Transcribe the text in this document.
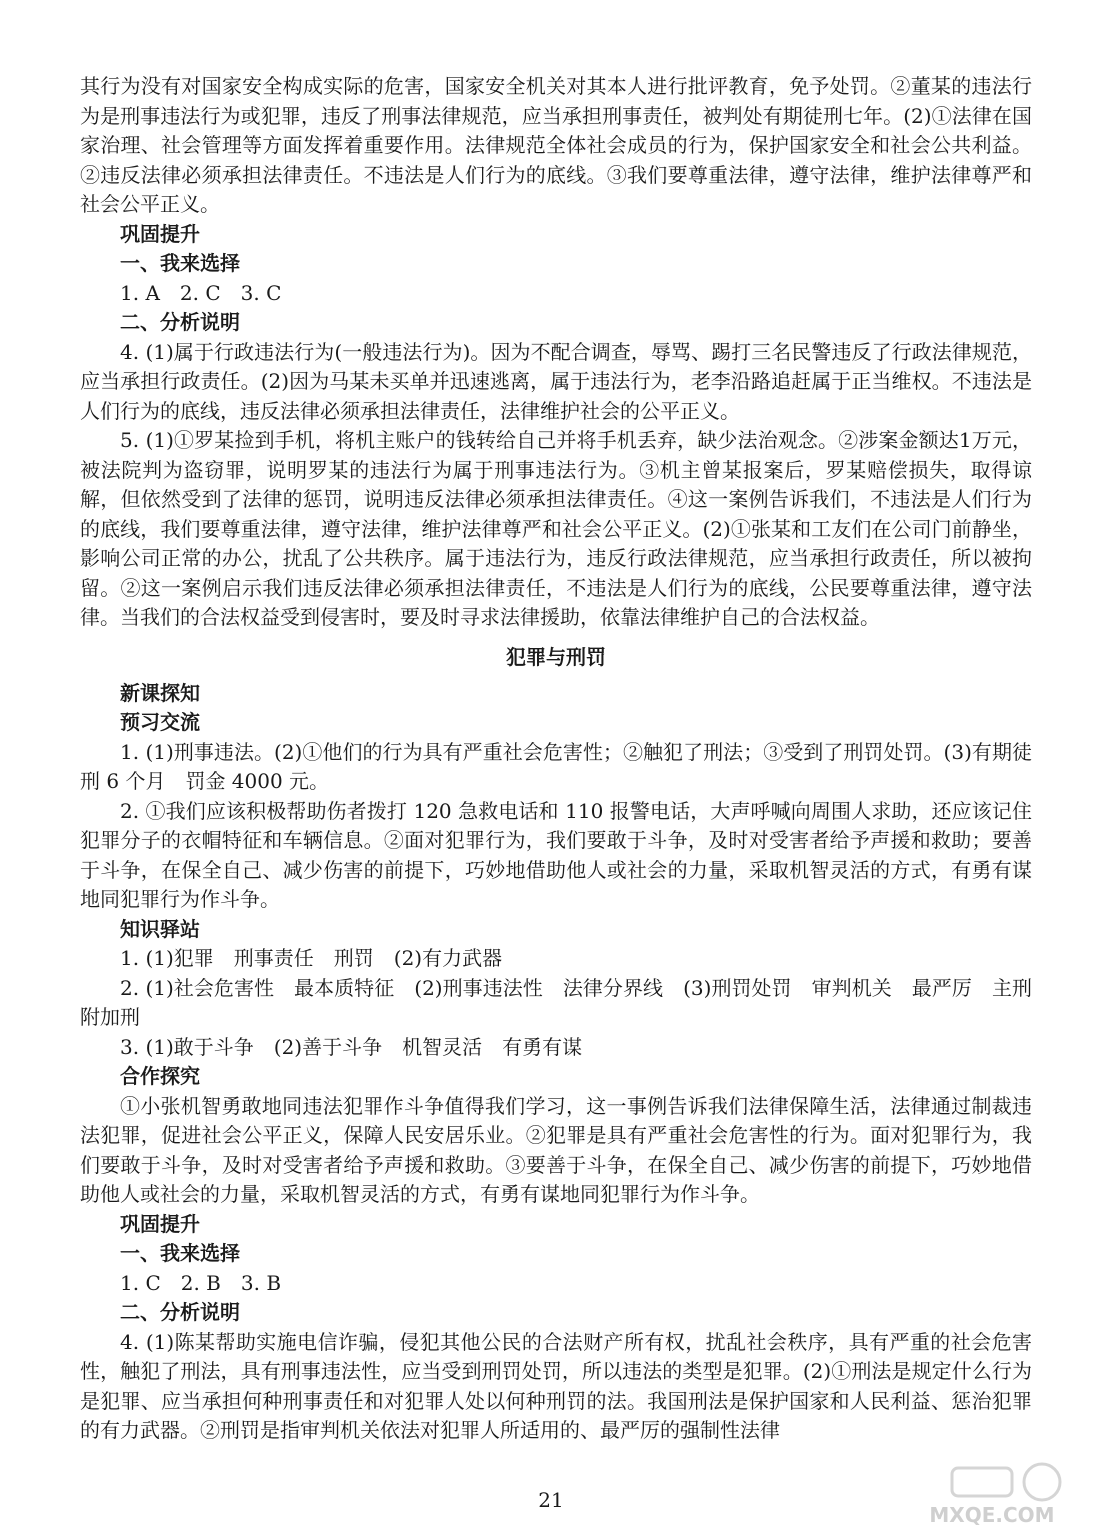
其行为没有对国家安全构成实际的危害，国家安全机关对其本人进行批评教育，免予处罚。②董某的违法行为是刑事违法行为或犯罪，违反了刑事法律规范，应当承担刑事责任，被判处有期徒刑七年。(2)①法律在国家治理、社会管理等方面发挥着重要作用。法律规范全体社会成员的行为，保护国家安全和社会公共利益。②违反法律必须承担法律责任。不违法是人们行为的底线。③我们要尊重法律，遵守法律，维护法律尊严和社会公平正义。

巩固提升
一、我来选择

1. A　2. C　3. C

二、分析说明

4. (1)属于行政违法行为(一般违法行为)。因为不配合调查，辱骂、踢打三名民警违反了行政法律规范，应当承担行政责任。(2)因为马某未买单并迅速逃离，属于违法行为，老李沿路追赶属于正当维权。不违法是人们行为的底线，违反法律必须承担法律责任，法律维护社会的公平正义。

5. (1)①罗某捡到手机，将机主账户的钱转给自己并将手机丢弃，缺少法治观念。②涉案金额达1万元，被法院判为盗窃罪，说明罗某的违法行为属于刑事违法行为。③机主曾某报案后，罗某赔偿损失，取得谅解，但依然受到了法律的惩罚，说明违反法律必须承担法律责任。④这一案例告诉我们，不违法是人们行为的底线，我们要尊重法律，遵守法律，维护法律尊严和社会公平正义。(2)①张某和工友们在公司门前静坐，影响公司正常的办公，扰乱了公共秩序。属于违法行为，违反行政法律规范，应当承担行政责任，所以被拘留。②这一案例启示我们违反法律必须承担法律责任，不违法是人们行为的底线，公民要尊重法律，遵守法律。当我们的合法权益受到侵害时，要及时寻求法律援助，依靠法律维护自己的合法权益。

犯罪与刑罚
新课探知
预习交流

1. (1)刑事违法。(2)①他们的行为具有严重社会危害性；②触犯了刑法；③受到了刑罚处罚。(3)有期徒刑 6 个月　罚金 4000 元。

2. ①我们应该积极帮助伤者拨打 120 急救电话和 110 报警电话，大声呼喊向周围人求助，还应该记住犯罪分子的衣帽特征和车辆信息。②面对犯罪行为，我们要敢于斗争，及时对受害者给予声援和救助；要善于斗争，在保全自己、减少伤害的前提下，巧妙地借助他人或社会的力量，采取机智灵活的方式，有勇有谋地同犯罪行为作斗争。

知识驿站

1. (1)犯罪　刑事责任　刑罚　(2)有力武器

2. (1)社会危害性　最本质特征　(2)刑事违法性　法律分界线　(3)刑罚处罚　审判机关　最严厉　主刑　附加刑

3. (1)敢于斗争　(2)善于斗争　机智灵活　有勇有谋

合作探究

①小张机智勇敢地同违法犯罪作斗争值得我们学习，这一事例告诉我们法律保障生活，法律通过制裁违法犯罪，促进社会公平正义，保障人民安居乐业。②犯罪是具有严重社会危害性的行为。面对犯罪行为，我们要敢于斗争，及时对受害者给予声援和救助。③要善于斗争，在保全自己、减少伤害的前提下，巧妙地借助他人或社会的力量，采取机智灵活的方式，有勇有谋地同犯罪行为作斗争。

巩固提升
一、我来选择

1. C　2. B　3. B

二、分析说明

4. (1)陈某帮助实施电信诈骗，侵犯其他公民的合法财产所有权，扰乱社会秩序，具有严重的社会危害性，触犯了刑法，具有刑事违法性，应当受到刑罚处罚，所以违法的类型是犯罪。(2)①刑法是规定什么行为是犯罪、应当承担何种刑事责任和对犯罪人处以何种刑罚的法。我国刑法是保护国家和人民利益、惩治犯罪的有力武器。②刑罚是指审判机关依法对犯罪人所适用的、最严厉的强制性法律

21
MXQE.COM
